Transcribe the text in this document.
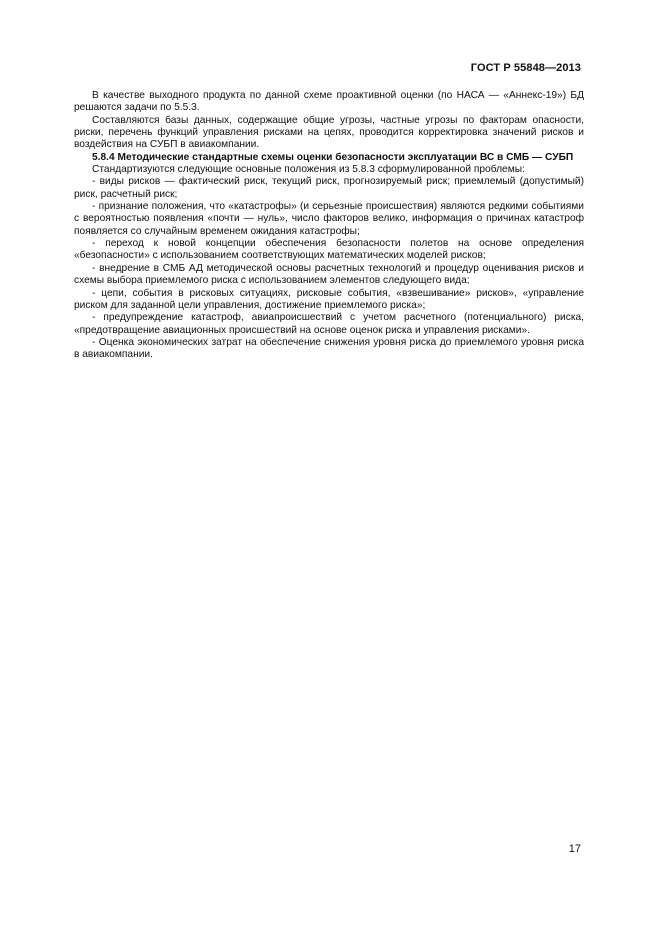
ГОСТ Р 55848—2013

В качестве выходного продукта по данной схеме проактивной оценки (по НАСА — «Аннекс-19») БД решаются задачи по 5.5.3.

Составляются базы данных, содержащие общие угрозы, частные угрозы по факторам опасности, риски, перечень функций управления рисками на цепях, проводится корректировка значений рисков и воздействия на СУБП в авиакомпании.

5.8.4 Методические стандартные схемы оценки безопасности эксплуатации ВС в СМБ — СУБП

Стандартизуются следующие основные положения из 5.8.3 сформулированной проблемы:

- виды рисков — фактический риск, текущий риск, прогнозируемый риск; приемлемый (допустимый) риск, расчетный риск;

- признание положения, что «катастрофы» (и серьезные происшествия) являются редкими событиями с вероятностью появления «почти — нуль», число факторов велико, информация о причинах катастроф появляется со случайным временем ожидания катастрофы;

- переход к новой концепции обеспечения безопасности полетов на основе определения «безопасности» с использованием соответствующих математических моделей рисков;

- внедрение в СМБ АД методической основы расчетных технологий и процедур оценивания рисков и схемы выбора приемлемого риска с использованием элементов следующего вида;

- цепи, события в рисковых ситуациях, рисковые события, «взвешивание» рисков», «управление риском для заданной цели управления, достижение приемлемого риска»;

- предупреждение катастроф, авиапроисшествий с учетом расчетного (потенциального) риска, «предотвращение авиационных происшествий на основе оценок риска и управления рисками».

- Оценка экономических затрат на обеспечение снижения уровня риска до приемлемого уровня риска в авиакомпании.

17
